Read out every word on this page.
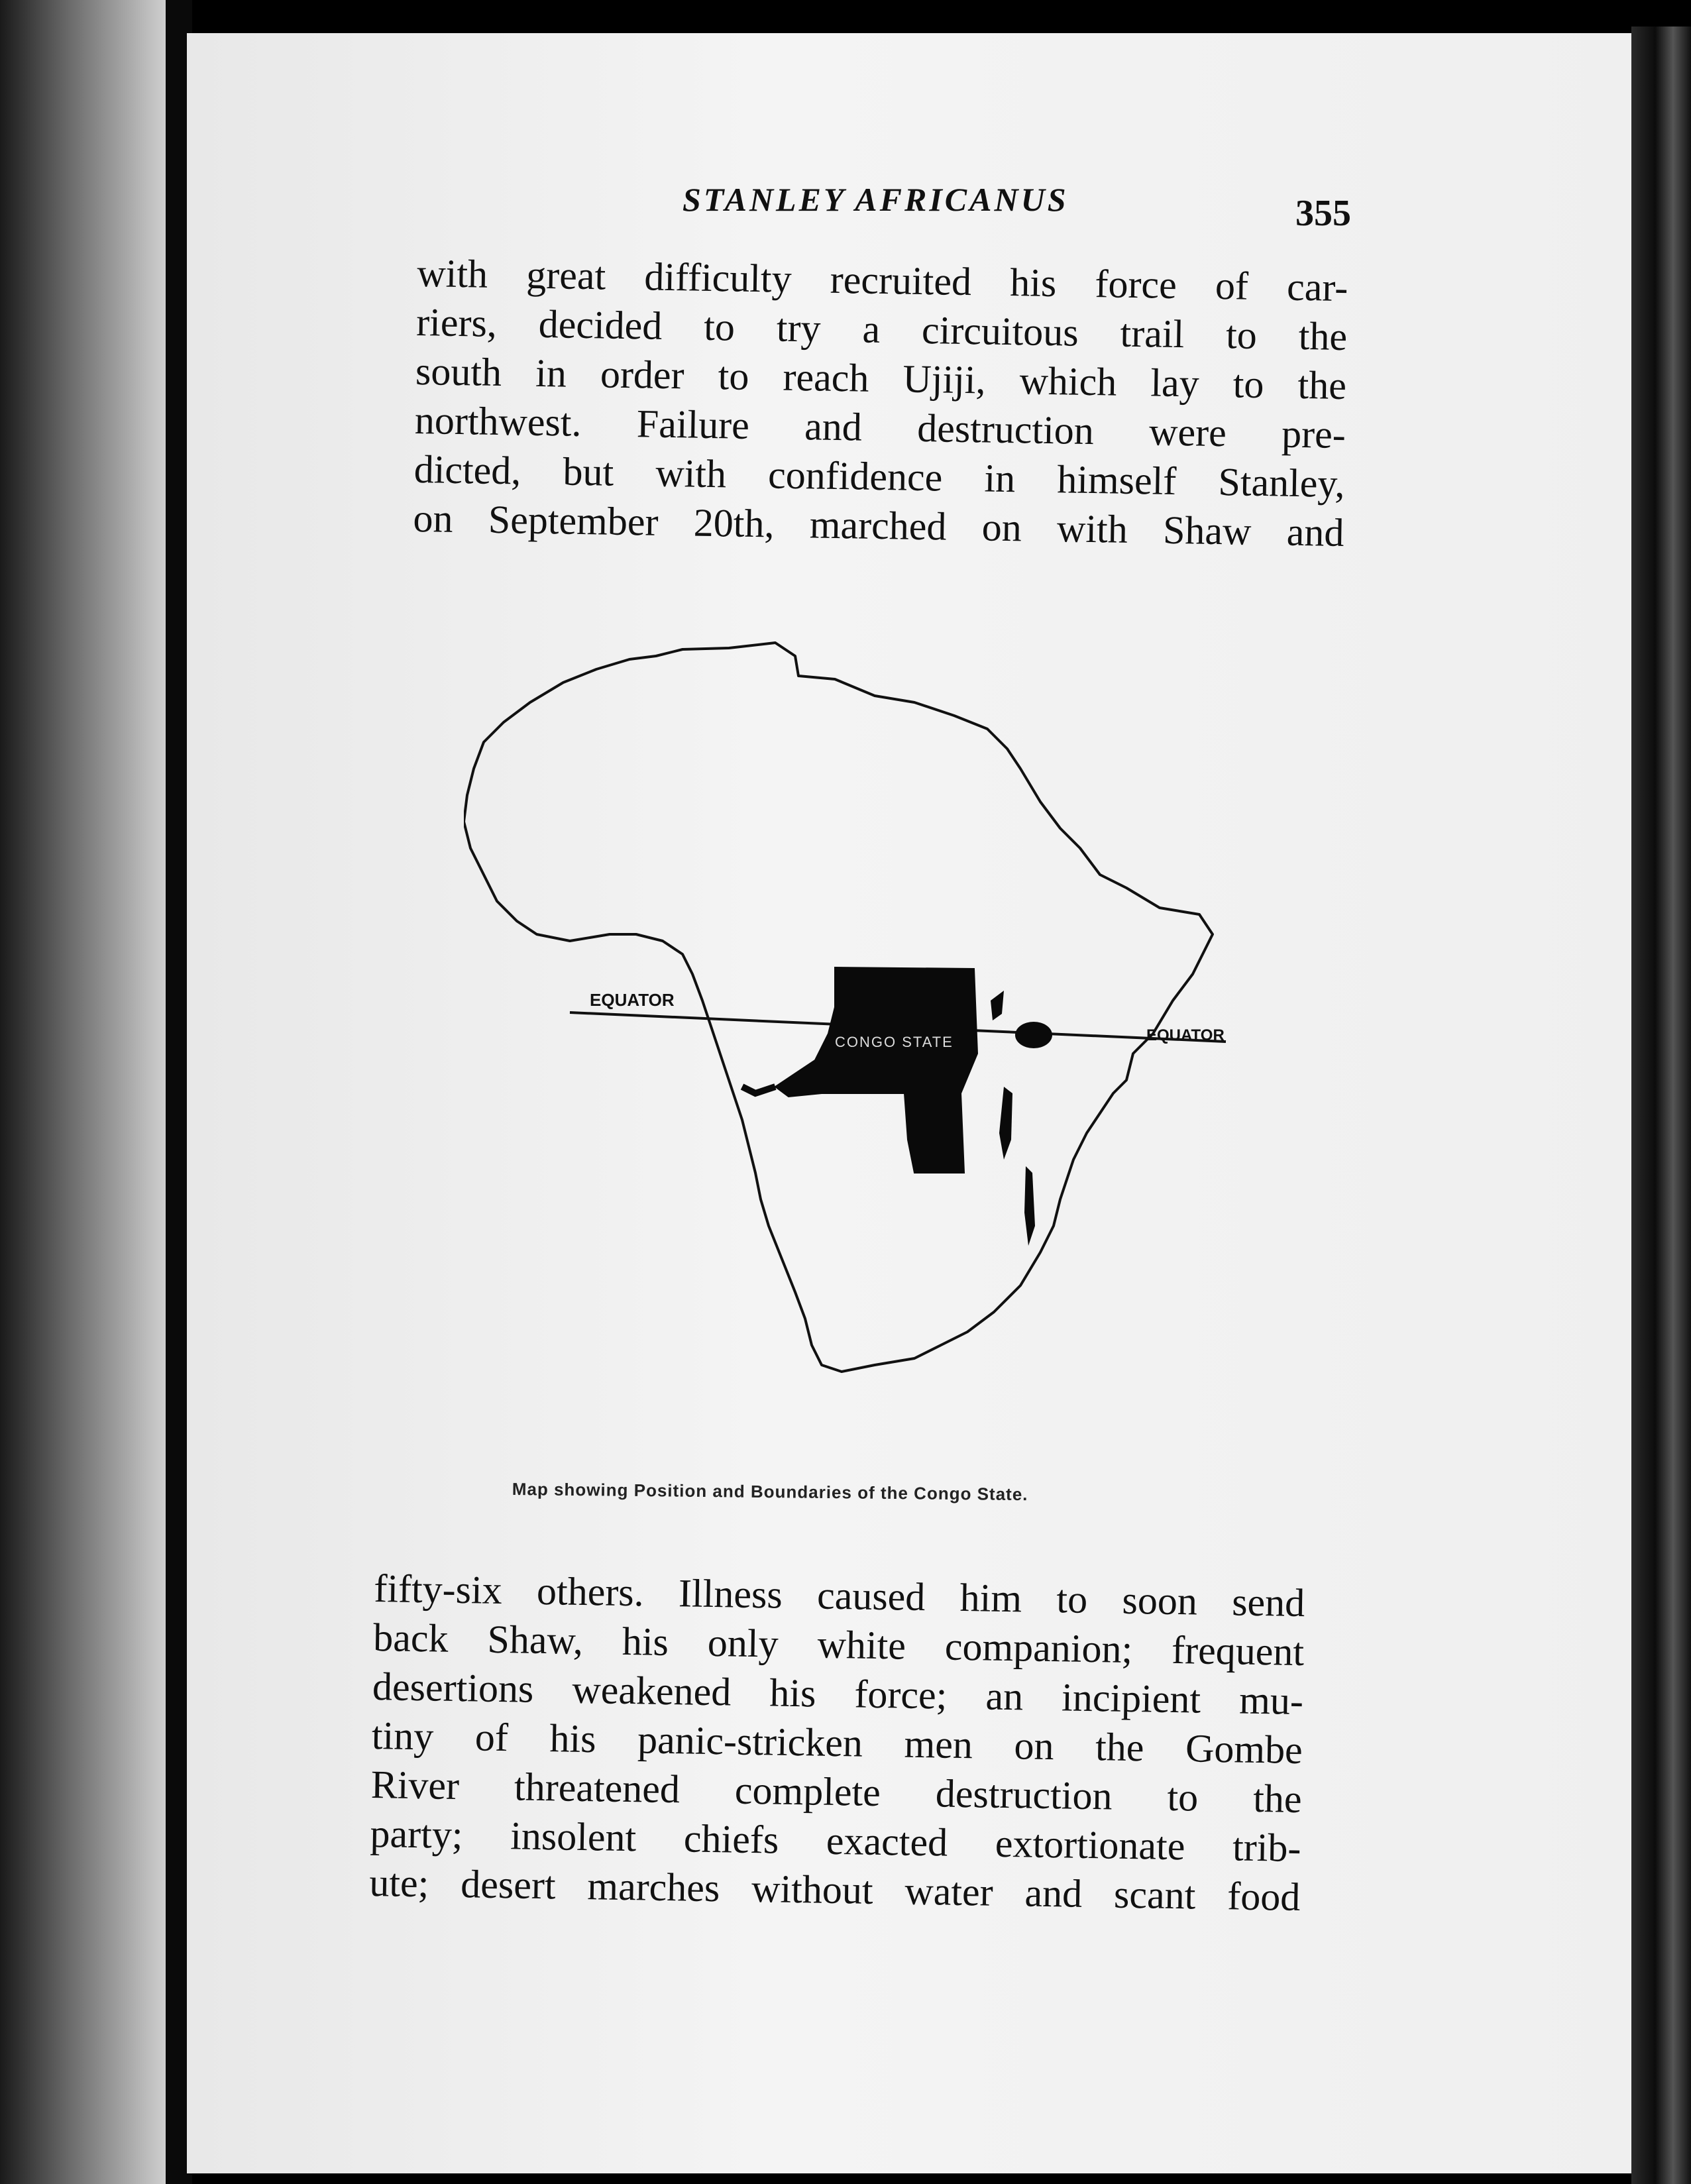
STANLEY AFRICANUS	355
with great difficulty recruited his force of car-
riers, decided to try a circuitous trail to the
south in order to reach Ujiji, which lay to the
northwest. Failure and destruction were pre-
dicted, but with confidence in himself Stanley,
on September 20th, marched on with Shaw and
EQUATOR
EQUATOR
CONGO STATE
Map showing Position and Boundaries of the Congo State.
fifty-six others. Illness caused him to soon send
back Shaw, his only white companion; frequent
desertions weakened his force; an incipient mu-
tiny of his panic-stricken men on the Gombe
River threatened complete destruction to the
party; insolent chiefs exacted extortionate trib-
ute; desert marches without water and scant food
